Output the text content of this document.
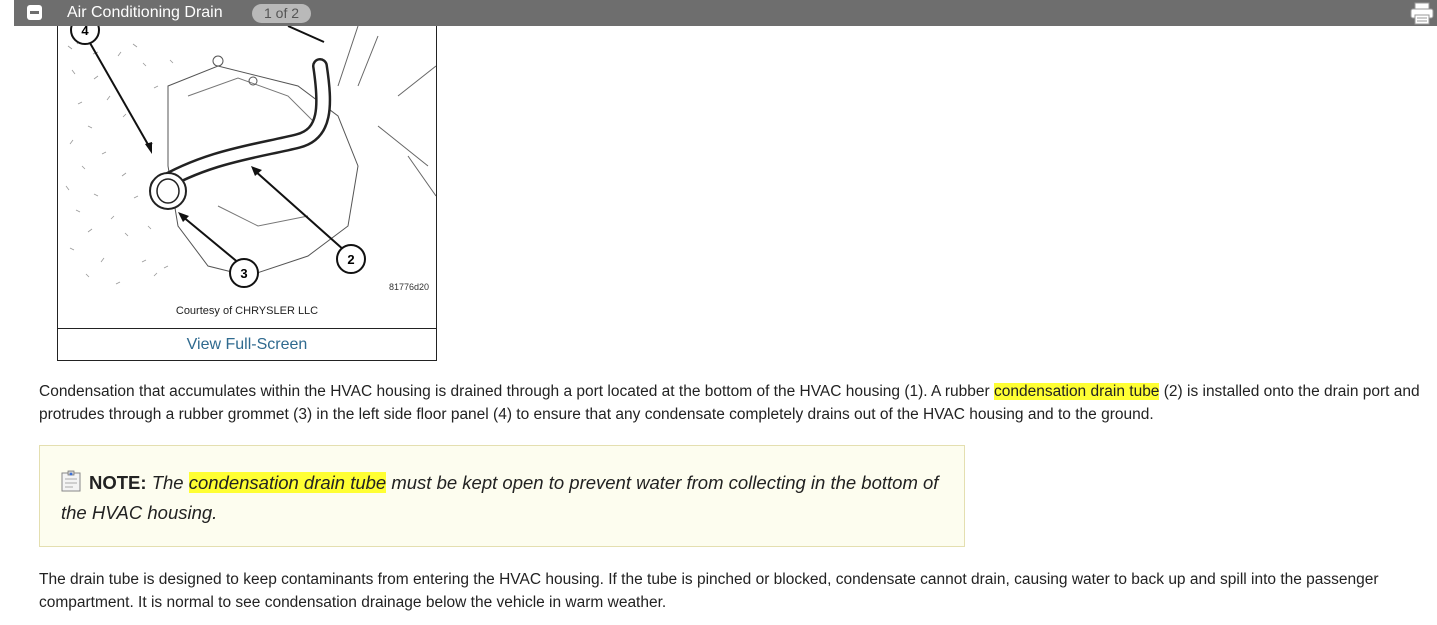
Air Conditioning Drain	1 of 2
4
2
3
81776d20
Courtesy of CHRYSLER LLC
View Full-Screen
Condensation that accumulates within the HVAC housing is drained through a port located at the bottom of the HVAC housing (1). A rubber condensation drain tube (2) is installed onto the drain port and protrudes through a rubber grommet (3) in the left side floor panel (4) to ensure that any condensate completely drains out of the HVAC housing and to the ground.
NOTE: The condensation drain tube must be kept open to prevent water from collecting in the bottom of the HVAC housing.
The drain tube is designed to keep contaminants from entering the HVAC housing. If the tube is pinched or blocked, condensate cannot drain, causing water to back up and spill into the passenger compartment. It is normal to see condensation drainage below the vehicle in warm weather.
